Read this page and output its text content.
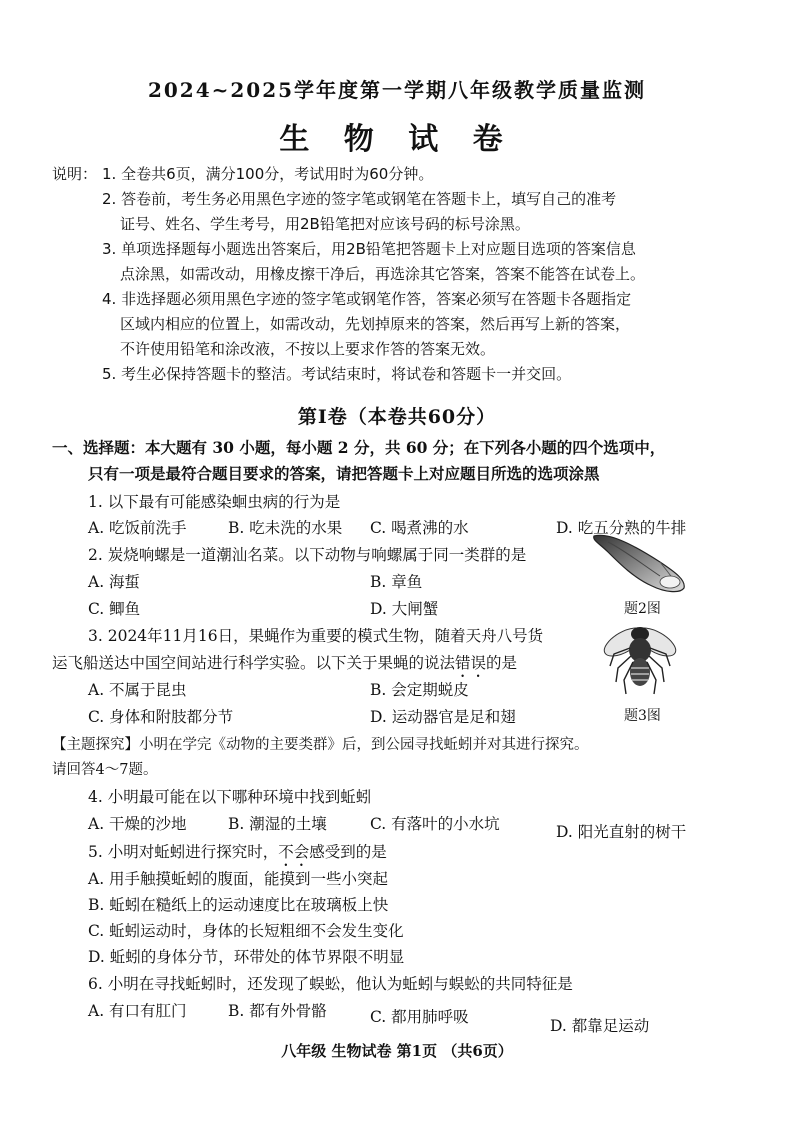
2024~2025学年度第一学期八年级教学质量监测
生 物 试 卷
说明： 1. 全卷共6页，满分100分，考试用时为60分钟。
2. 答卷前，考生务必用黑色字迹的签字笔或钢笔在答题卡上，填写自己的准考
证号、姓名、学生考号，用2B铅笔把对应该号码的标号涂黑。
3. 单项选择题每小题选出答案后，用2B铅笔把答题卡上对应题目选项的答案信息
点涂黑，如需改动，用橡皮擦干净后，再选涂其它答案，答案不能答在试卷上。
4. 非选择题必须用黑色字迹的签字笔或钢笔作答，答案必须写在答题卡各题指定
区域内相应的位置上，如需改动，先划掉原来的答案，然后再写上新的答案，
不许使用铅笔和涂改液，不按以上要求作答的答案无效。
5. 考生必保持答题卡的整洁。考试结束时，将试卷和答题卡一并交回。
第Ⅰ卷（本卷共60分）
一、选择题：本大题有 30 小题，每小题 2 分，共 60 分；在下列各小题的四个选项中，
只有一项是最符合题目要求的答案，请把答题卡上对应题目所选的选项涂黑
1. 以下最有可能感染蛔虫病的行为是
A. 吃饭前洗手	B. 吃未洗的水果 C. 喝煮沸的水	D. 吃五分熟的牛排
2. 炭烧响螺是一道潮汕名菜。以下动物与响螺属于同一类群的是
A. 海蜇	B. 章鱼
C. 鲫鱼	D. 大闸蟹	题2图
3. 2024年11月16日，果蝇作为重要的模式生物，随着天舟八号货
运飞船送达中国空间站进行科学实验。以下关于果蝇的说法错误的是
A. 不属于昆虫	B. 会定期蜕皮
C. 身体和附肢都分节	D. 运动器官是足和翅	题3图
【主题探究】小明在学完《动物的主要类群》后，到公园寻找蚯蚓并对其进行探究。
请回答4～7题。
4. 小明最可能在以下哪种环境中找到蚯蚓
A. 干燥的沙地	B. 潮湿的土壤	C. 有落叶的小水坑	D. 阳光直射的树干
5. 小明对蚯蚓进行探究时，不会感受到的是
A. 用手触摸蚯蚓的腹面，能摸到一些小突起
B. 蚯蚓在糙纸上的运动速度比在玻璃板上快
C. 蚯蚓运动时，身体的长短粗细不会发生变化
D. 蚯蚓的身体分节，环带处的体节界限不明显
6. 小明在寻找蚯蚓时，还发现了蜈蚣，他认为蚯蚓与蜈蚣的共同特征是
A. 有口有肛门	B. 都有外骨骼	C. 都用肺呼吸	D. 都靠足运动
八年级 生物试卷 第1页 （共6页）
